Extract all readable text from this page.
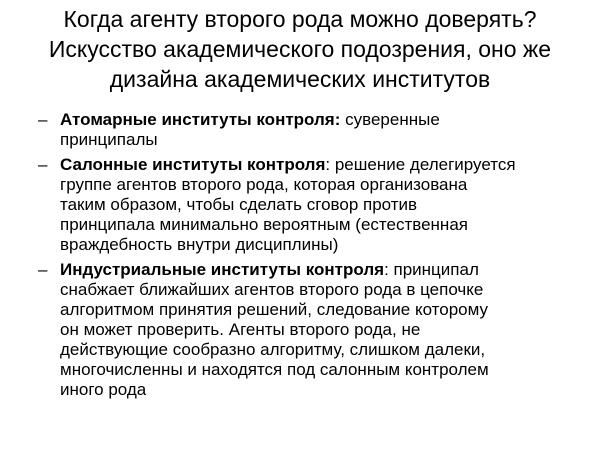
Когда агенту второго рода можно доверять?
Искусство академического подозрения, оно же
дизайна академических институтов
– Атомарные институты контроля: суверенные
принципалы
– Салонные институты контроля: решение делегируется
группе агентов второго рода, которая организована
таким образом, чтобы сделать сговор против
принципала минимально вероятным (естественная
враждебность внутри дисциплины)
– Индустриальные институты контроля: принципал
снабжает ближайших агентов второго рода в цепочке
алгоритмом принятия решений, следование которому
он может проверить. Агенты второго рода, не
действующие сообразно алгоритму, слишком далеки,
многочисленны и находятся под салонным контролем
иного рода
